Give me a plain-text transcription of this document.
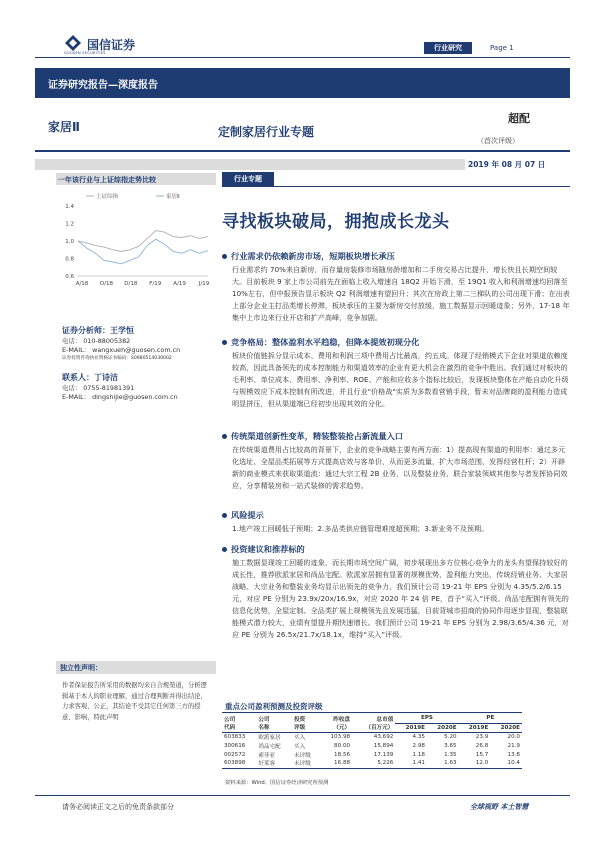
国信证券
GUOSEN SECURITIES
行业研究	Page 1
证券研究报告—深度报告
家居Ⅱ	定制家居行业专题
超配
（首次评级）
2019 年 08 月 07 日
一年该行业与上证综指走势比较
上证综指	家居Ⅱ
1.4
1.2
1.0
0.8
0.6
A/18 O/18 D/18 F/19 A/19 J/19
行业专题
寻找板块破局，拥抱成长龙头
证券分析师：王学恒
电话： 010-88005382
E-MAIL： wangxueh@guosen.com.cn
证券投资咨询执业资格证书编码：S0980514030002
联系人：丁诗洁
电话： 0755-81981391
E-MAIL： dingshijie@guosen.com.cn
行业需求仍依赖新房市场，短期板块增长承压
行业需求约 70%来自新房，而存量房装修市场随房龄增加和二手房交易占比提升，增长快且长期空间较大。目前板块 9 家上市公司前先在面临上收入增速自 18Q2 开始下滑，至 19Q1 收入和利润增速均回落至 10%左右，但中报预告显示板块 Q2 利润增速有望回升；其次在房政上第二三梯队的公司出现下滑；在出表上部分企业主打品类增长停滞，板块承压的主要为新房交付放缓，施工数据显示回暖迹象；另外，17-18 年集中上市边来行业开店和扩产高峰，竞争加剧。
竞争格局：整体盈利水平趋稳，但降本提效初现分化
板块价值链拆分显示成本、费用和利润三项中费用占比最高，约五成。体现了经销模式下企业对渠道依赖度较高，因此具备领先的成本控制能力和渠道效率的企业有更大机会在激烈的竞争中胜出。我们通过对板块的毛利率、单位成本、费用率、净利率、ROE、产能和应收多个指标比较后，发现板块整体在产能自动化升级与规模效应下成本控制有所改进，并且行业"价格战"实质为多数看营销手段，暂未对品牌商的盈利能力造成明显拼压，但从渠道端已经初步出现其效的分化。
传统渠道创新性变革，精装整装抢占新流量入口
在传统渠道费用占比较高的背景下，企业的竞争战略主要有两方面：1）提高现有渠道的利用率：通过多元化选址、全屋品类拓展等方式提高店效与客单价，从而更多流量，扩大市场范围，发挥经营杠杆；2）开辟新的商业模式来获取渠道流：通过大宗工程 2B 业务，以及整装业务，联合家装领域其他参与者发挥协同效应，分享精装房和一站式装修的需求趋势。
风险提示
1.地产竣工回暖低于预期；2.多品类供应链管理难度超预期；3.新业务不及预期。
投资建议和推荐标的
施工数据显现竣工回暖的迹象，而长期市场空间广阔，初步展现出多方位核心竞争力的龙头有望保持较好的成长性，推荐欧派家居和尚品宅配。欧派家居拥有显著的规模优势，盈利能力突出，传统经销业务、大家居战略、大宗业务和整装业务均显示出领先的竞争力，我们预计公司 19-21 年 EPS 分别为 4.35/5.2/6.15 元，对应 PE 分别为 23.9x/20x/16.9x，对应 2020 年 24 倍 PE，首予“买入”评级。尚品宅配拥有领先的信息化优势，全屋定制、全品类扩展上规模领先且发展迅猛，目前背城市招商的协同作用逐步显现，整装联能模式潜力较大，业绩有望提升期快速增长。我们预计公司 19-21 年 EPS 分别为 2.98/3.65/4.36 元，对应 PE 分别为 26.5x/21.7x/18.1x，维持“买入”评级。
独立性声明：
作者保证报告所采用的数据均来自合规渠道，分析逻辑基于本人的职业理解，通过合理判断并得出结论，力求客观、公正，其结论不受其它任何第三方的授意、影响，特此声明
重点公司盈利预测及投资评级
公司	公司	投资	昨收盘	总市值	EPS		PE	
代码	名称	评级	（元）	（百万元）	2019E	2020E	2019E	2020E
603833	欧派家居	买入	103.98	43,692	4.35	5.20	23.9	20.0
300616	尚品宅配	买入	80.00	15,894	2.98	3.65	26.8	21.9
002572	索菲亚	未评级	18.56	17,139	1.18	1.35	15.7	13.8
603898	好莱客	未评级	16.88	5,226	1.41	1.63	12.0	10.4
资料来源：Wind、国信证券经济研究所预测
请务必阅读正文之后的免责条款部分	全球视野 本土智慧
